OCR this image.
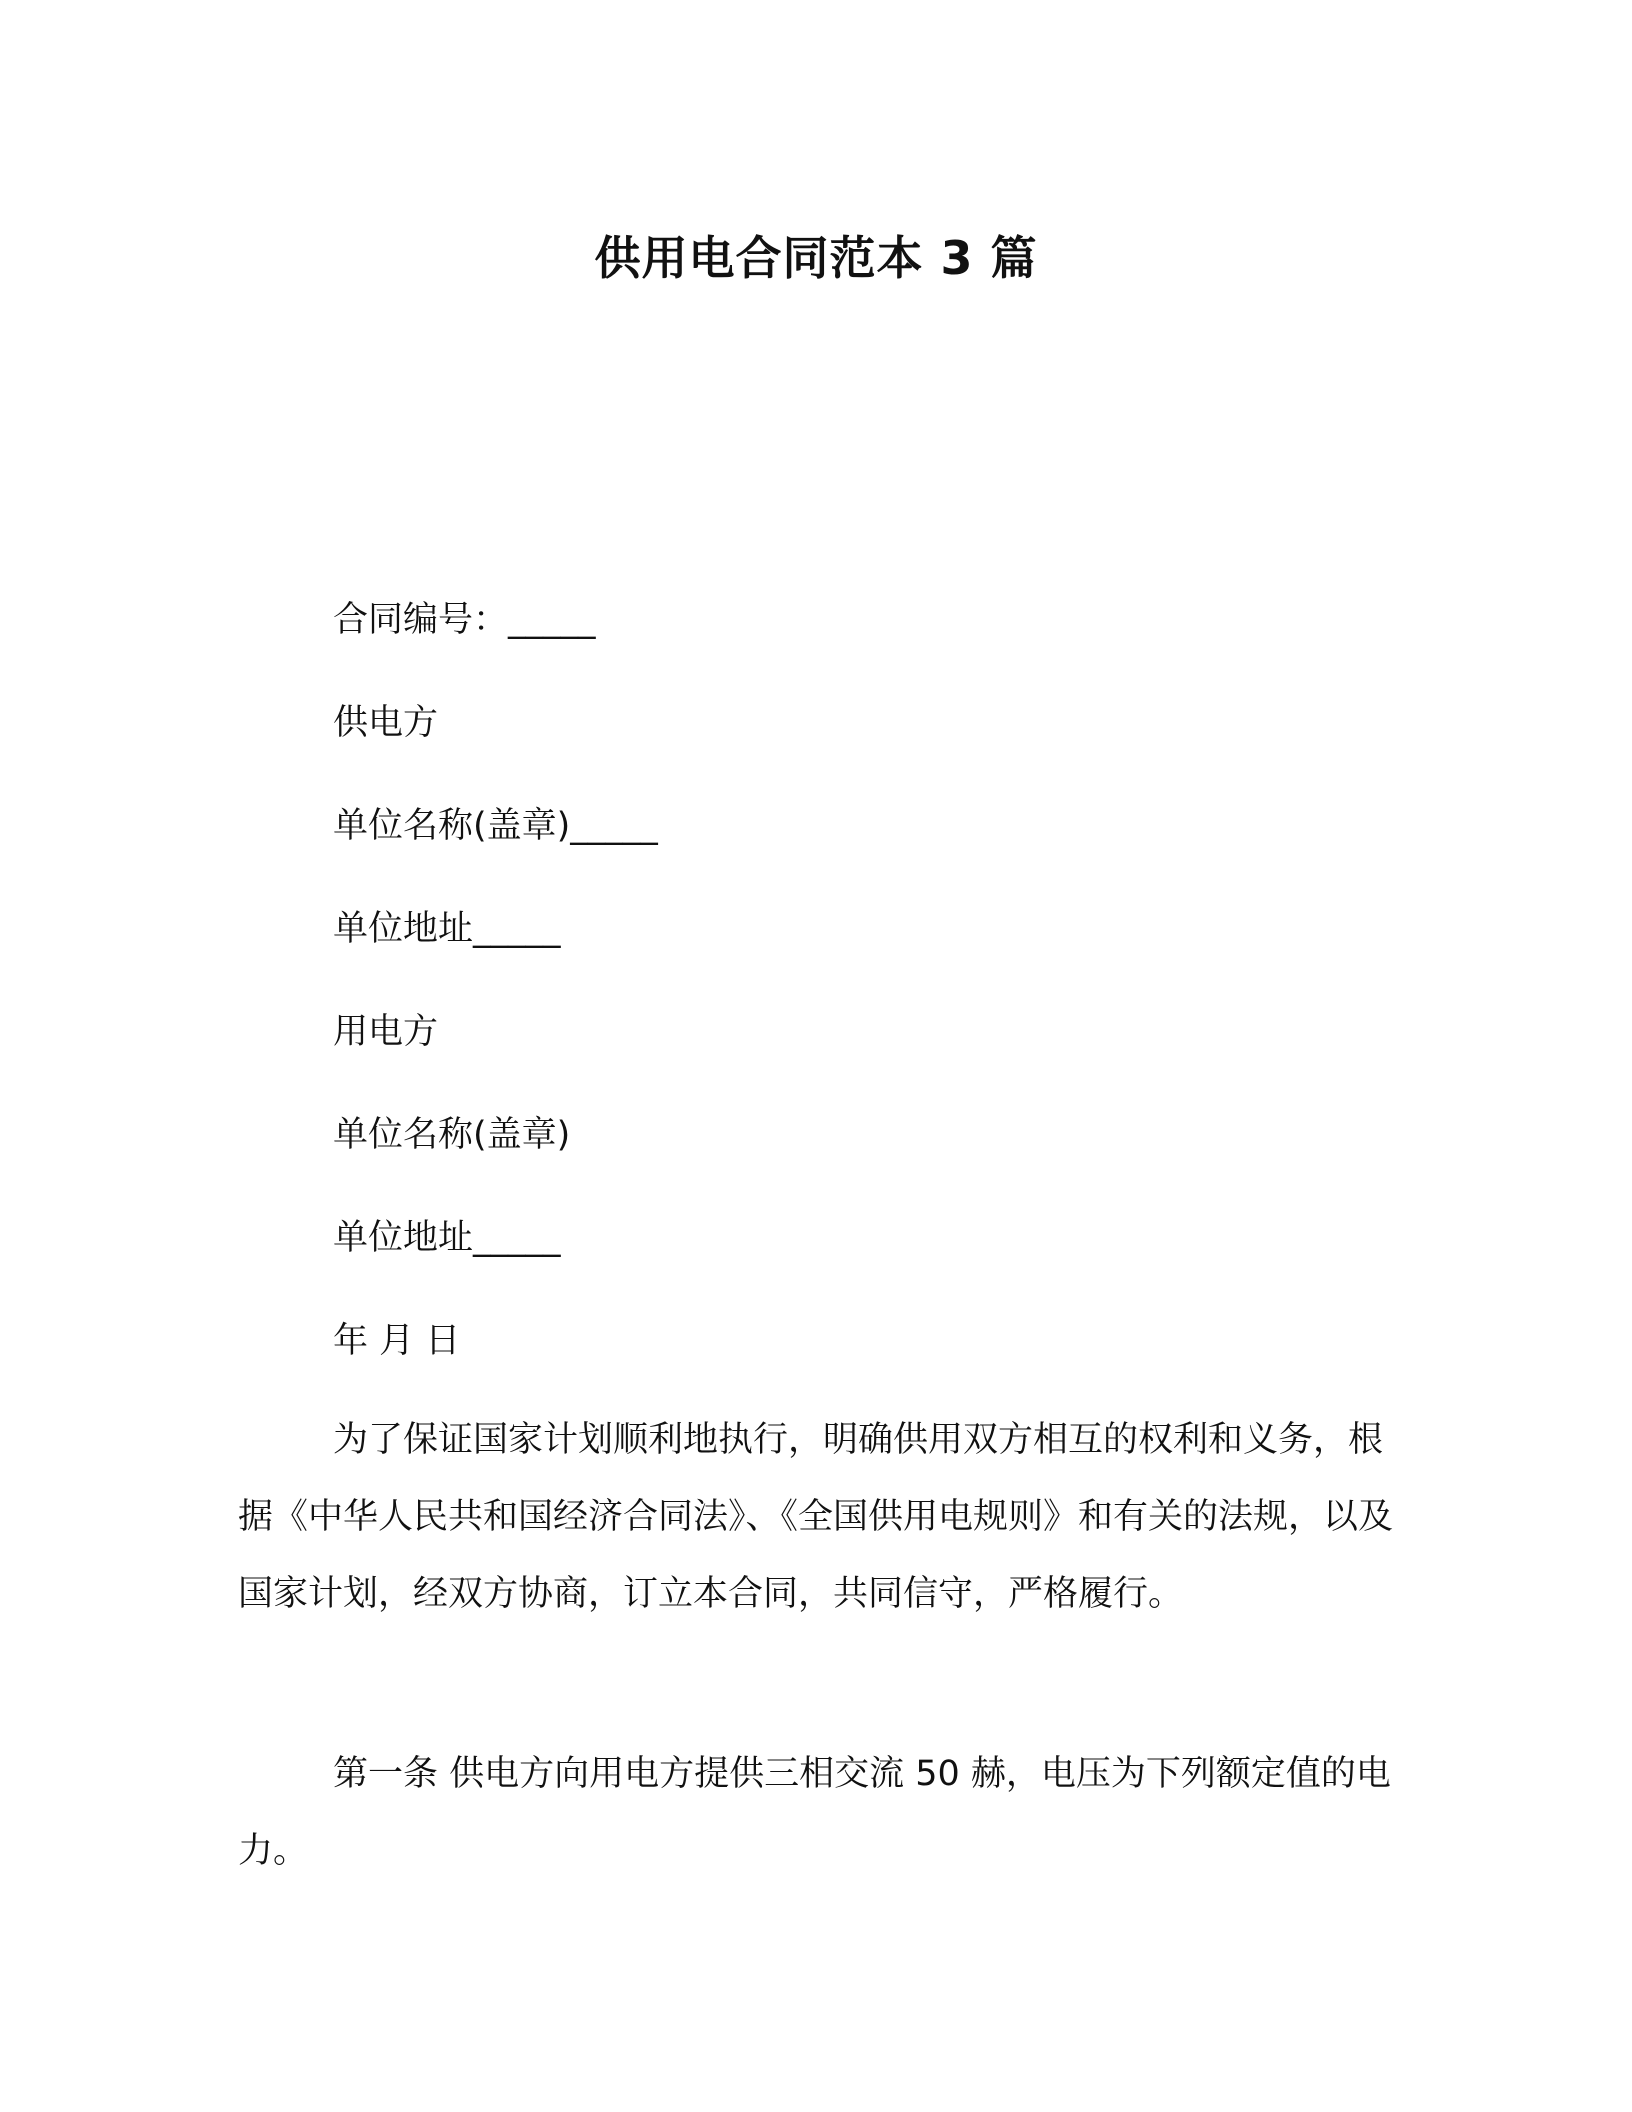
供用电合同范本 3 篇
合同编号：_____
供电方
单位名称(盖章)_____
单位地址_____
用电方
单位名称(盖章)
单位地址_____
年 月 日

为了保证国家计划顺利地执行，明确供用双方相互的权利和义务，根据《中华人民共和国经济合同法》、《全国供用电规则》和有关的法规，以及国家计划，经双方协商，订立本合同，共同信守，严格履行。

第一条 供电方向用电方提供三相交流 50 赫，电压为下列额定值的电力。
